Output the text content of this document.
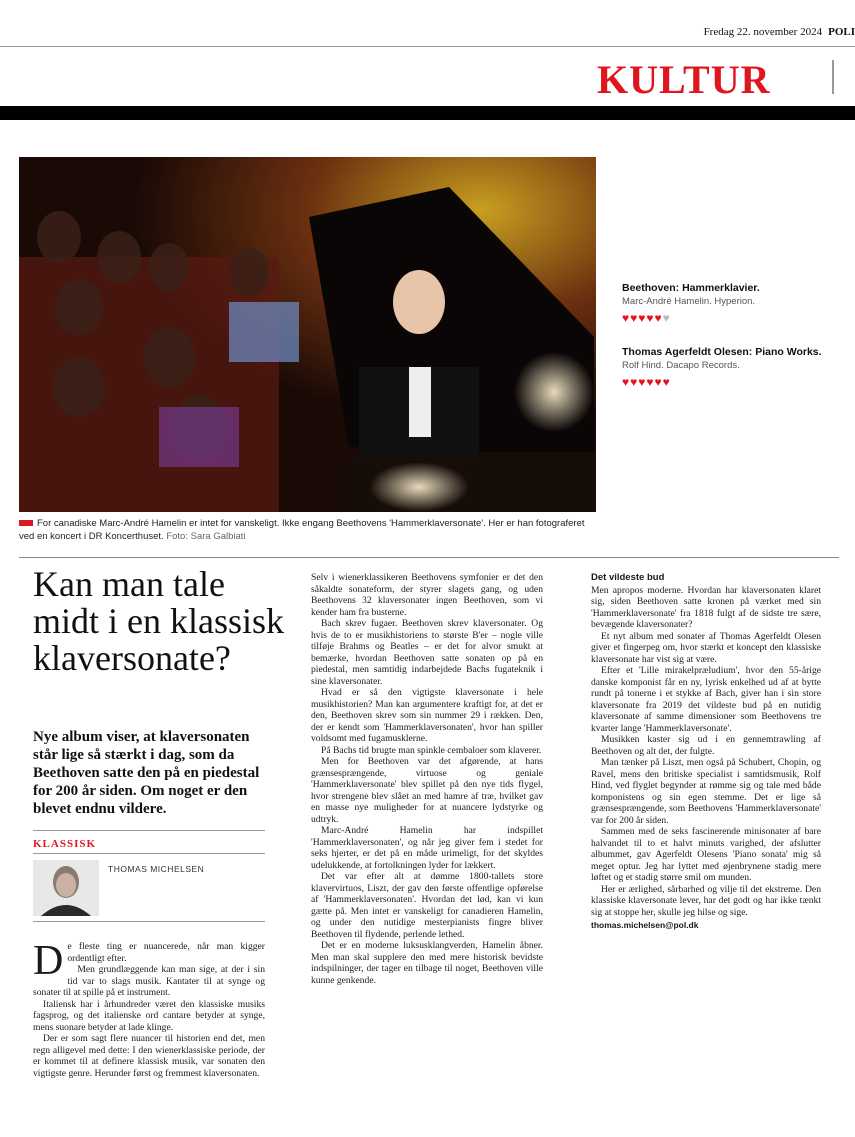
Fredag 22. november 2024 POLI
KULTUR
For canadiske Marc-André Hamelin er intet for vanskeligt. Ikke engang Beethovens 'Hammerklaversonate'. Her er han fotograferet ved en koncert i DR Koncerthuset. Foto: Sara Galbiati
Beethoven: Hammerklavier.
Marc-André Hamelin. Hyperion.
♥♥♥♥♥♥
Thomas Agerfeldt Olesen: Piano Works.
Rolf Hind. Dacapo Records.
♥♥♥♥♥♥
Kan man tale midt i en klassisk klaversonate?
Nye album viser, at klaversonaten står lige så stærkt i dag, som da Beethoven satte den på en piedestal for 200 år siden. Om noget er den blevet endnu vildere.
KLASSISK
THOMAS MICHELSEN

De fleste ting er nuancerede, når man kigger ordentligt efter.

Men grundlæggende kan man sige, at der i sin tid var to slags musik. Kantater til at synge og sonater til at spille på et instrument.

Italiensk har i århundreder været den klassiske musiks fagsprog, og det italienske ord cantare betyder at synge, mens suonare betyder at lade klinge.

Der er som sagt flere nuancer til historien end det, men regn alligevel med dette: I den wienerklassiske periode, der er kommet til at definere klassisk musik, var sonaten den vigtigste genre. Herunder først og fremmest klaversonaten.

Selv i wienerklassikeren Beethovens symfonier er det den såkaldte sonateform, der styrer slagets gang, og uden Beethovens 32 klaversonater ingen Beethoven, som vi kender ham fra busterne.

Bach skrev fugaer. Beethoven skrev klaversonater. Og hvis de to er musikhistoriens to største B'er – nogle ville tilføje Brahms og Beatles – er det for alvor smukt at bemærke, hvordan Beethoven satte sonaten op på en piedestal, men samtidig indarbejdede Bachs fugateknik i sine klaversonater.

Hvad er så den vigtigste klaversonate i hele musikhistorien? Man kan argumentere kraftigt for, at det er den, Beethoven skrev som sin nummer 29 i rækken. Den, der er kendt som 'Hammerklaversonaten', hvor han spiller voldsomt med fugamusklerne.

På Bachs tid brugte man spinkle cembaloer som klaverer.

Men for Beethoven var det afgørende, at hans grænsesprængende, virtuose og geniale 'Hammerklaversonate' blev spillet på den nye tids flygel, hvor strengene blev slået an med hamre af træ, hvilket gav en masse nye muligheder for at nuancere lydstyrke og udtryk.

Marc-André Hamelin har indspillet 'Hammerklaversonaten', og når jeg giver fem i stedet for seks hjerter, er det på en måde urimeligt, for det skyldes udelukkende, at fortolkningen lyder for lækkert.

Det var efter alt at dømme 1800-tallets store klavervirtuos, Liszt, der gav den første offentlige opførelse af 'Hammerklaversonaten'. Hvordan det lød, kan vi kun gætte på. Men intet er vanskeligt for canadieren Hamelin, og under den nutidige mesterpianists fingre bliver Beethoven til flydende, perlende lethed.

Det er en moderne luksusklangverden, Hamelin åbner. Men man skal supplere den med mere historisk bevidste indspilninger, der tager en tilbage til noget, Beethoven ville kunne genkende.

Det vildeste bud

Men apropos moderne. Hvordan har klaversonaten klaret sig, siden Beethoven satte kronen på værket med sin 'Hammerklaversonate' fra 1818 fulgt af de sidste tre sære, bevægende klaversonater?

Et nyt album med sonater af Thomas Agerfeldt Olesen giver et fingerpeg om, hvor stærkt et koncept den klassiske klaversonate har vist sig at være.

Efter et 'Lille mirakelpræludium', hvor den 55-årige danske komponist får en ny, lyrisk enkelhed ud af at bytte rundt på tonerne i et stykke af Bach, giver han i sin store klaversonate fra 2019 det vildeste bud på en nutidig klaversonate af samme dimensioner som Beethovens tre kvarter lange 'Hammerklaversonate'.

Musikken kaster sig ud i en gennemtrawling af Beethoven og alt det, der fulgte.

Man tænker på Liszt, men også på Schubert, Chopin, og Ravel, mens den britiske specialist i samtidsmusik, Rolf Hind, ved flyglet begynder at rømme sig og tale med både komponistens og sin egen stemme. Det er lige så grænsesprængende, som Beethovens 'Hammerklaversonate' var for 200 år siden.

Sammen med de seks fascinerende minisonater af bare halvandet til to et halvt minuts varighed, der afslutter albummet, gav Agerfeldt Olesens 'Piano sonata' mig så meget optur. Jeg har lyttet med øjenbrynene stadig mere løftet og et stadig større smil om munden.

Her er ærlighed, sårbarhed og vilje til det ekstreme. Den klassiske klaversonate lever, har det godt og har ikke tænkt sig at stoppe her, skulle jeg hilse og sige.

thomas.michelsen@pol.dk
